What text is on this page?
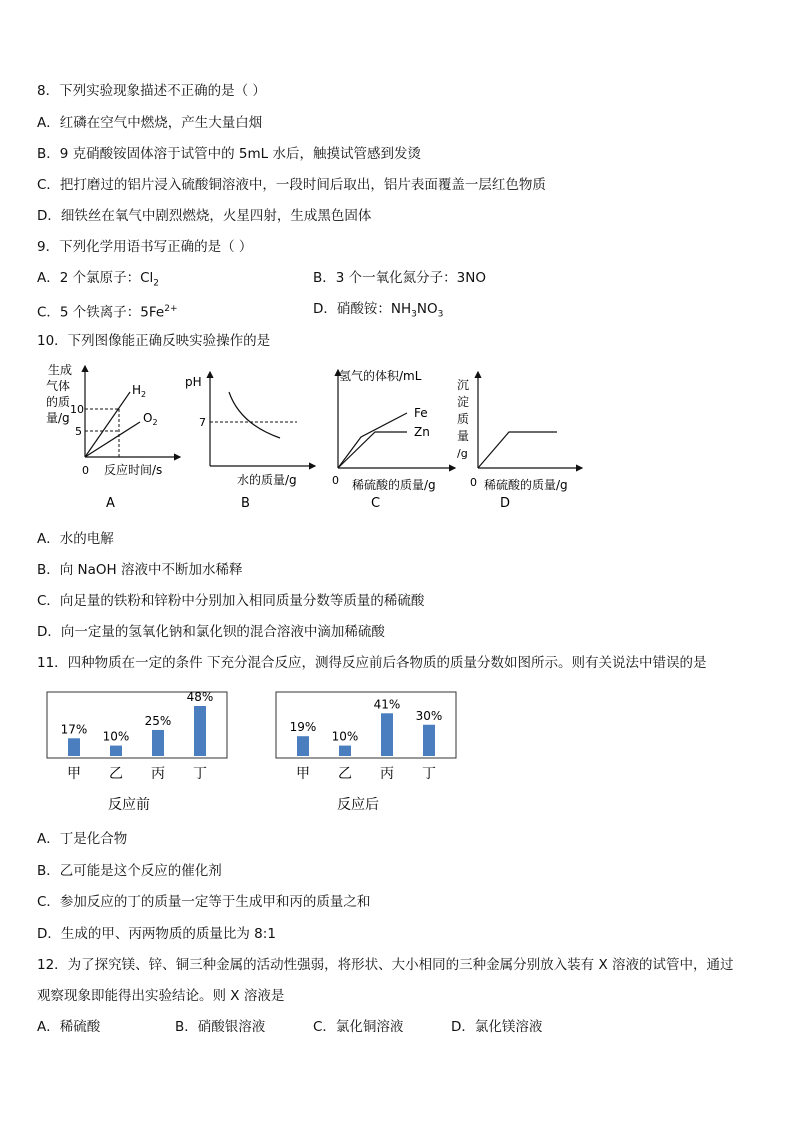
8．下列实验现象描述不正确的是（ ）
A．红磷在空气中燃烧，产生大量白烟
B．9 克硝酸铵固体溶于试管中的 5mL 水后，触摸试管感到发烫
C．把打磨过的铝片浸入硫酸铜溶液中，一段时间后取出，铝片表面覆盖一层红色物质
D．细铁丝在氧气中剧烈燃烧，火星四射，生成黑色固体
9．下列化学用语书写正确的是（ ）
A．2 个氯原子：$Cl_2$	B．3 个一氧化氮分子：3NO
C．5 个铁离子：$5Fe^{2+}$	D．硝酸铵：$NH_3NO_3$
10．下列图像能正确反映实验操作的是
生成
气体
的质
量/g
10
5
$H_2$
$O_2$
0 反应时间/s
A
pH
7
水的质量/g
B
氢气的体积/mL
Fe
Zn
0 稀硫酸的质量/g
C
沉
淀
质
量
/g
0 稀硫酸的质量/g
D
A．水的电解
B．向 NaOH 溶液中不断加水稀释
C．向足量的铁粉和锌粉中分别加入相同质量分数等质量的稀硫酸
D．向一定量的氢氧化钠和氯化钡的混合溶液中滴加稀硫酸
11．四种物质在一定的条件 下充分混合反应，测得反应前后各物质的质量分数如图所示。则有关说法中错误的是
17%
甲
10%
乙
25%
丙
48%
丁
反应前
19%
甲
10%
乙
41%
丙
30%
丁
反应后
A．丁是化合物
B．乙可能是这个反应的催化剂
C．参加反应的丁的质量一定等于生成甲和丙的质量之和
D．生成的甲、丙两物质的质量比为 8:1
12．为了探究镁、锌、铜三种金属的活动性强弱，将形状、大小相同的三种金属分别放入装有 X 溶液的试管中，通过
观察现象即能得出实验结论。则 X 溶液是
A．稀硫酸	B．硝酸银溶液	C．氯化铜溶液	D．氯化镁溶液
